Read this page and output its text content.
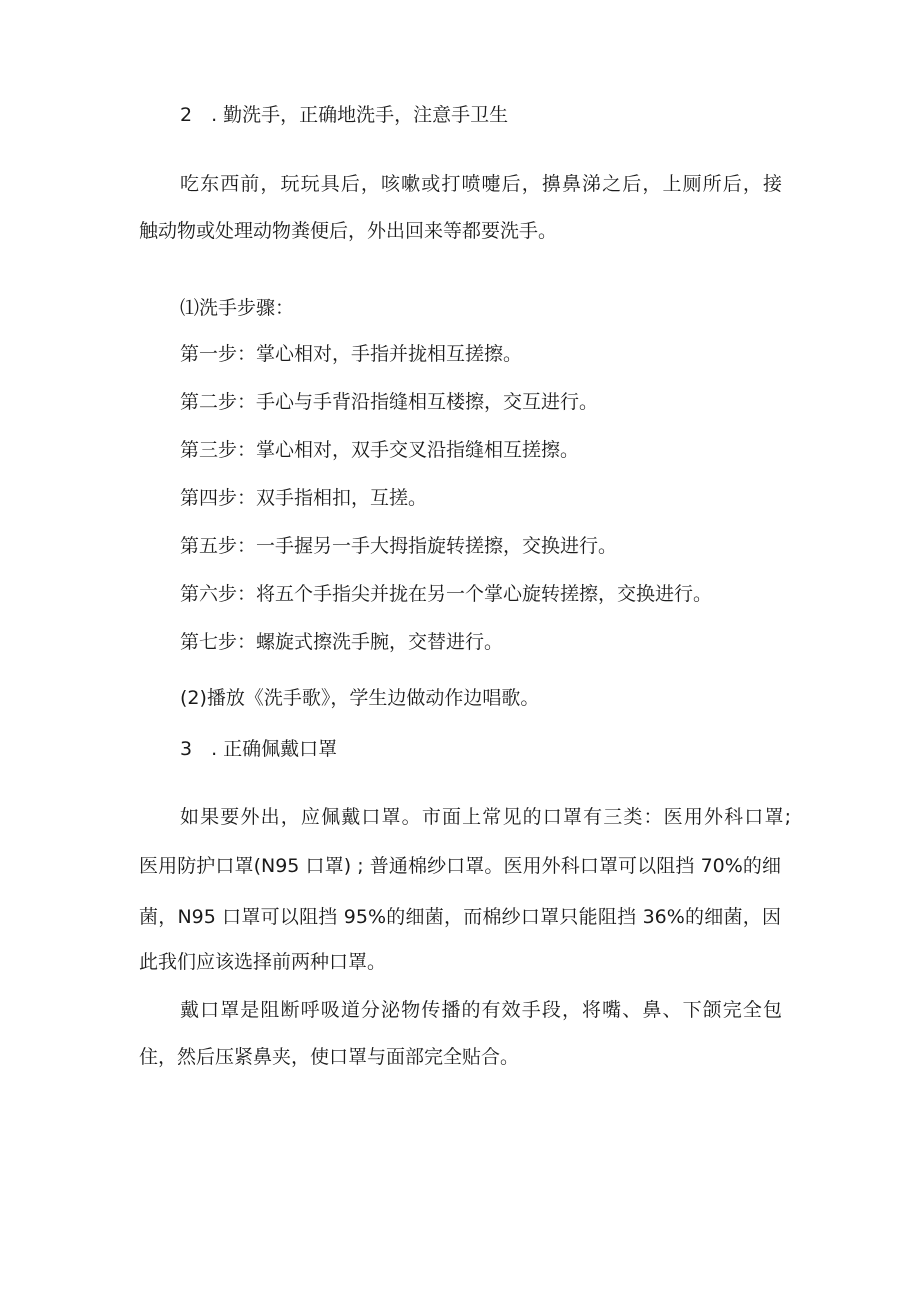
2　. 勤洗手，正确地洗手，注意手卫生
吃东西前，玩玩具后，咳嗽或打喷嚏后，擤鼻涕之后，上厕所后，接
触动物或处理动物粪便后，外出回来等都要洗手。
⑴洗手步骤：
第一步：掌心相对，手指并拢相互搓擦。
第二步：手心与手背沿指缝相互楼擦，交互进行。
第三步：掌心相对，双手交叉沿指缝相互搓擦。
第四步：双手指相扣，互搓。
第五步：一手握另一手大拇指旋转搓擦，交换进行。
第六步：将五个手指尖并拢在另一个掌心旋转搓擦，交换进行。
第七步：螺旋式擦洗手腕，交替进行。
(2)播放《洗手歌》，学生边做动作边唱歌。
3　. 正确佩戴口罩
如果要外出，应佩戴口罩。市面上常见的口罩有三类：医用外科口罩;
医用防护口罩(N95 口罩) ; 普通棉纱口罩。医用外科口罩可以阻挡 70%的细
菌，N95 口罩可以阻挡 95%的细菌，而棉纱口罩只能阻挡 36%的细菌，因
此我们应该选择前两种口罩。
戴口罩是阻断呼吸道分泌物传播的有效手段，将嘴、鼻、下颌完全包
住，然后压紧鼻夹，使口罩与面部完全贴合。
